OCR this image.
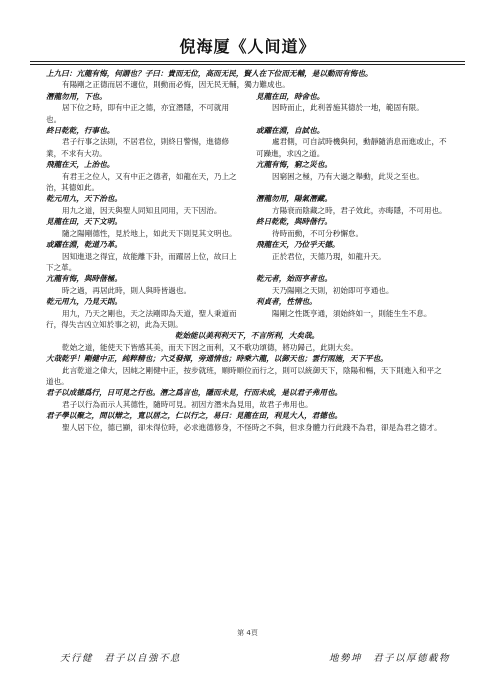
倪海厦《人间道》

上九曰：亢龍有悔，何謂也？子曰：貴而无位，高而无民，賢人在下位而无輔，是以動而有悔也。

有陽剛之正德而居不適位，則動而必悔，因无民无輔，獨力難成也。

潛龍勿用，下也。	見龍在田，時舍也。

居下位之時，即有中正之德，亦宜潛隱，不可就用也。

因時而止，此利普施其德於一地，範固有限。

終日乾乾，行事也。	或躍在淵，自試也。

君子行事之法則，不居君位，則終日警惕，進德修業，不求有大功。

處君側，可自試時機與何，動靜隨消息而進或止，不可躁進，求凶之道。

飛龍在天，上治也。	亢龍有悔，窮之災也。

有君王之位人，又有中正之德者，如龍在天，乃上之治，其德如此。

因窮困之極，乃有大過之舉動，此災之至也。

乾元用九，天下治也。	潛龍勿用，陽氣潛藏。

用九之道，因天與聖人同知且同用，天下因治。	方陽衰而陰藏之時，君子效此，亦晦隱，不可用也。

見龍在田，天下文明。	終日乾乾，與時偕行。

隨之陽剛德性，見於地上，如此天下則見其文明也。	待時而動，不可分秒懈怠。

或躍在淵，乾道乃革。	飛龍在天，乃位乎天德。

因知進退之得宜，故能離下卦，而躍居上位，故曰上下之革。

正於君位，天德乃現，如龍升天。

亢龍有悔，與時偕極。	乾元者，始而亨者也。

時之過，再居此時，則人與時皆過也。	天乃陽剛之天則，初始即可亨通也。

乾元用九，乃見天則。	利貞者，性情也。

用九，乃天之剛也，天之法剛即為天道，聖人秉道而行，得失吉凶立知於事之初，此為天則。

陽剛之性既亨通，須始終如一，則能生生不息。

乾始能以美利利天下，不言所利，大矣哉。

乾始之道，能使天下皆感其美，而天下因之而利，又不歌功頌德，將功歸己，此則大矣。

大哉乾乎！剛健中正，純粹精也；六爻發揮，旁通情也；時乘六龍，以御天也；雲行雨施，天下平也。

此言乾道之偉大，因純之剛健中正，按步就班，順時順位而行之，則可以統御天下，陰陽和暢，天下則進入和平之道也。

君子以成德爲行，日可見之行也。潛之爲言也，隱而未見，行而未成，是以君子弗用也。

君子以行為而示人其德性，隨時可見。初因方潛未為見用，故君子弗用也。

君子學以聚之，問以辯之，寬以居之，仁以行之，易曰：見龍在田，利見大人，君德也。

聖人居下位，德已顯，卻未得位時，必求進德修身，不怪時之不與，但求身體力行此踐不為君，卻是為君之德才。

第 4頁
天行健　君子以自強不息	地勢坤　君子以厚德載物
